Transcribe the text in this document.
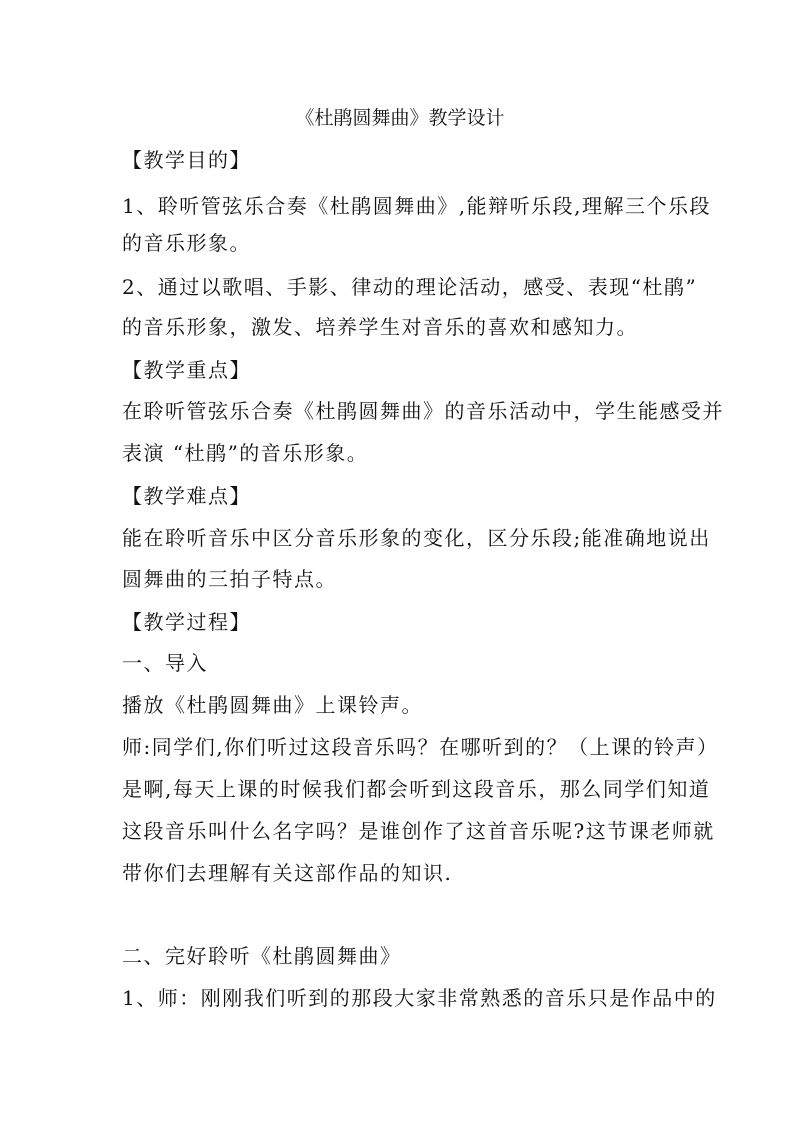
《杜鹃圆舞曲》教学设计
【教学目的】
1、聆听管弦乐合奏《杜鹃圆舞曲》,能辩听乐段,理解三个乐段
的音乐形象。
2、通过以歌唱、手影、律动的理论活动，感受、表现“杜鹃”
的音乐形象，激发、培养学生对音乐的喜欢和感知力。
【教学重点】
在聆听管弦乐合奏《杜鹃圆舞曲》的音乐活动中，学生能感受并
表演 “杜鹃”的音乐形象。
【教学难点】
能在聆听音乐中区分音乐形象的变化，区分乐段;能准确地说出
圆舞曲的三拍子特点。
【教学过程】
一、导入
播放《杜鹃圆舞曲》上课铃声。
师:同学们,你们听过这段音乐吗？在哪听到的？（上课的铃声）
是啊,每天上课的时候我们都会听到这段音乐，那么同学们知道
这段音乐叫什么名字吗？是谁创作了这首音乐呢?这节课老师就
带你们去理解有关这部作品的知识.
二、完好聆听《杜鹃圆舞曲》
1、师：刚刚我们听到的那段大家非常熟悉的音乐只是作品中的
